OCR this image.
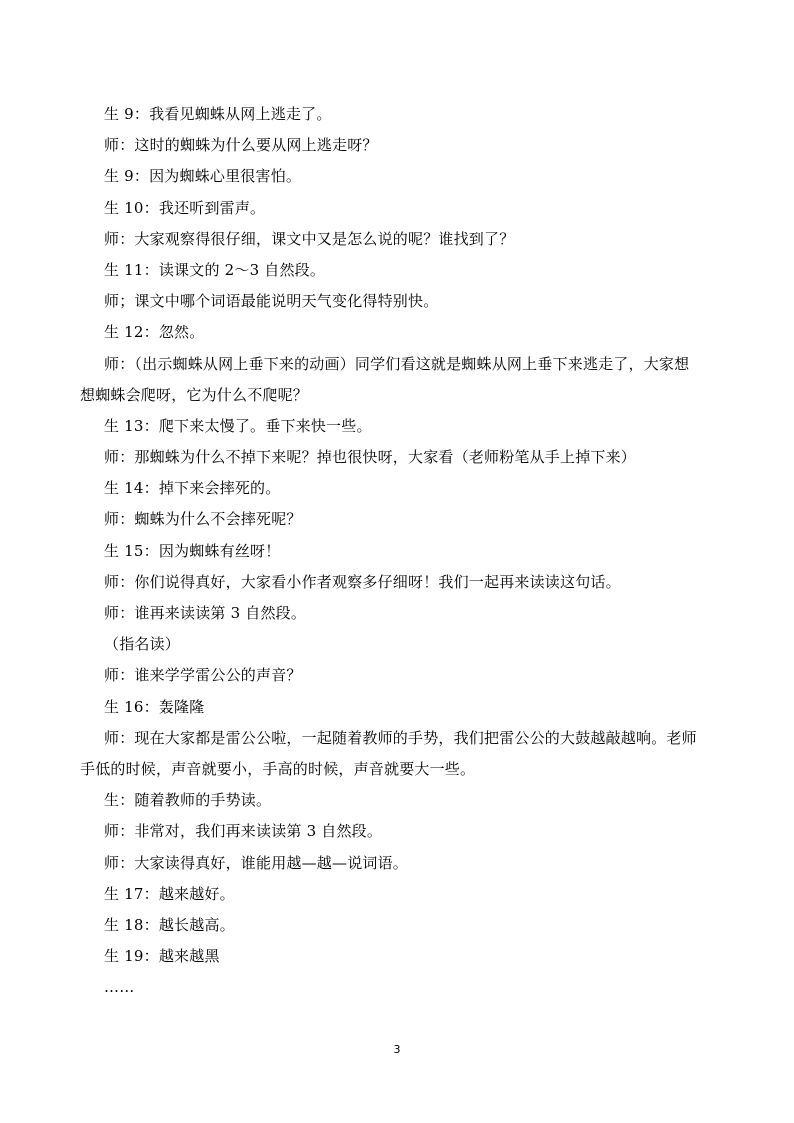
生 9：我看见蜘蛛从网上逃走了。
师：这时的蜘蛛为什么要从网上逃走呀？
生 9：因为蜘蛛心里很害怕。
生 10：我还听到雷声。
师：大家观察得很仔细，课文中又是怎么说的呢？谁找到了？
生 11：读课文的 2～3 自然段。
师；课文中哪个词语最能说明天气变化得特别快。
生 12：忽然。
师：（出示蜘蛛从网上垂下来的动画）同学们看这就是蜘蛛从网上垂下来逃走了，大家想
想蜘蛛会爬呀，它为什么不爬呢？
生 13：爬下来太慢了。垂下来快一些。
师：那蜘蛛为什么不掉下来呢？掉也很快呀，大家看（老师粉笔从手上掉下来）
生 14：掉下来会摔死的。
师：蜘蛛为什么不会摔死呢？
生 15：因为蜘蛛有丝呀！
师：你们说得真好，大家看小作者观察多仔细呀！我们一起再来读读这句话。
师：谁再来读读第 3 自然段。
（指名读）
师：谁来学学雷公公的声音？
生 16：轰隆隆
师：现在大家都是雷公公啦，一起随着教师的手势，我们把雷公公的大鼓越敲越响。老师
手低的时候，声音就要小，手高的时候，声音就要大一些。
生：随着教师的手势读。
师：非常对，我们再来读读第 3 自然段。
师：大家读得真好，谁能用越—越—说词语。
生 17：越来越好。
生 18：越长越高。
生 19：越来越黑
……
3
